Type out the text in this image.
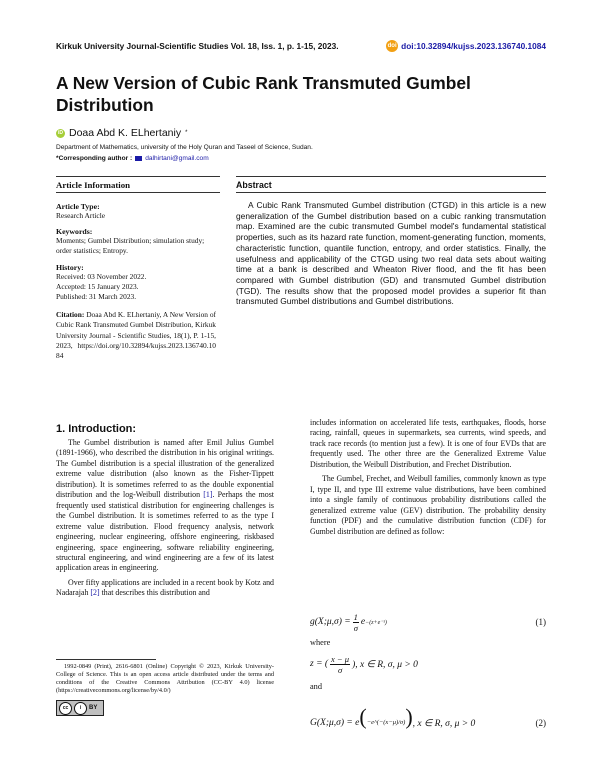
Kirkuk University Journal-Scientific Studies Vol. 18, Iss. 1, p. 1-15, 2023.	doi doi:10.32894/kujss.2023.136740.1084
A New Version of Cubic Rank Transmuted Gumbel Distribution
iD Doaa Abd K. ELhertaniy *
Department of Mathematics, university of the Holy Quran and Taseel of Science, Sudan.
*Corresponding author : dalhirtani@gmail.com
Article Information
Article Type:
Research Article
Keywords:
Moments; Gumbel Distribution; simulation study; order statistics; Entropy.
History:
Received: 03 November 2022.
Accepted: 15 January 2023.
Published: 31 March 2023.
Citation: Doaa Abd K. ELhertaniy, A New Version of Cubic Rank Transmuted Gumbel Distribution, Kirkuk University Journal - Scientific Studies, 18(1), P. 1-15, 2023, https://doi.org/10.32894/kujss.2023.136740.1084
Abstract
A Cubic Rank Transmuted Gumbel distribution (CTGD) in this article is a new generalization of the Gumbel distribution based on a cubic ranking transmutation map. Examined are the cubic transmuted Gumbel model's fundamental statistical properties, such as its hazard rate function, moment-generating function, moments, characteristic function, quantile function, entropy, and order statistics. Finally, the usefulness and applicability of the CTGD using two real data sets about waiting time at a bank is described and Wheaton River flood, and the fit has been compared with Gumbel distribution (GD) and transmuted Gumbel distribution (TGD). The results show that the proposed model provides a superior fit than transmuted Gumbel distributions and Gumbel distributions.
1. Introduction:

The Gumbel distribution is named after Emil Julius Gumbel (1891-1966), who described the distribution in his original writings. The Gumbel distribution is a special illustration of the generalized extreme value distribution (also known as the Fisher-Tippett distribution). It is sometimes referred to as the double exponential distribution and the log-Weibull distribution [1]. Perhaps the most frequently used statistical distribution for engineering challenges is the Gumbel distribution. It is sometimes referred to as the type I extreme value distribution. Flood frequency analysis, network engineering, nuclear engineering, offshore engineering, riskbased engineering, space engineering, software reliability engineering, structural engineering, and wind engineering are a few of its latest application areas in engineering.

Over fifty applications are included in a recent book by Kotz and Nadarajah [2] that describes this distribution and

1992-0849 (Print), 2616-6801 (Online) Copyright © 2023, Kirkuk University-College of Science. This is an open access article distributed under the terms and conditions of the Creative Commons Attribution (CC-BY 4.0) license (https://creativecommons.org/license/by/4.0/)
cc	i	BY

includes information on accelerated life tests, earthquakes, floods, horse racing, rainfall, queues in supermarkets, sea currents, wind speeds, and track race records (to mention just a few). It is one of four EVDs that are frequently used. The other three are the Generalized Extreme Value Distribution, the Weibull Distribution, and Frechet Distribution.

The Gumbel, Frechet, and Weibull families, commonly known as type I, type II, and type III extreme value distributions, have been combined into a single family of continuous probability distributions called the generalized extreme value (GEV) distribution. The probability density function (PDF) and the cumulative distribution function (CDF) for Gumbel distribution are defined as follow:

g(X;μ,σ) = $\frac{1}{\sigma}$ e −(z+e⁻ᶻ)	(1)
where
z = ( $\frac{x - \mu}{\sigma}$ ), x ∈ R, σ, μ > 0
and
G(X;μ,σ) = e (−e^(−(x−μ)/σ)) , x ∈ R, σ, μ > 0	(2)
